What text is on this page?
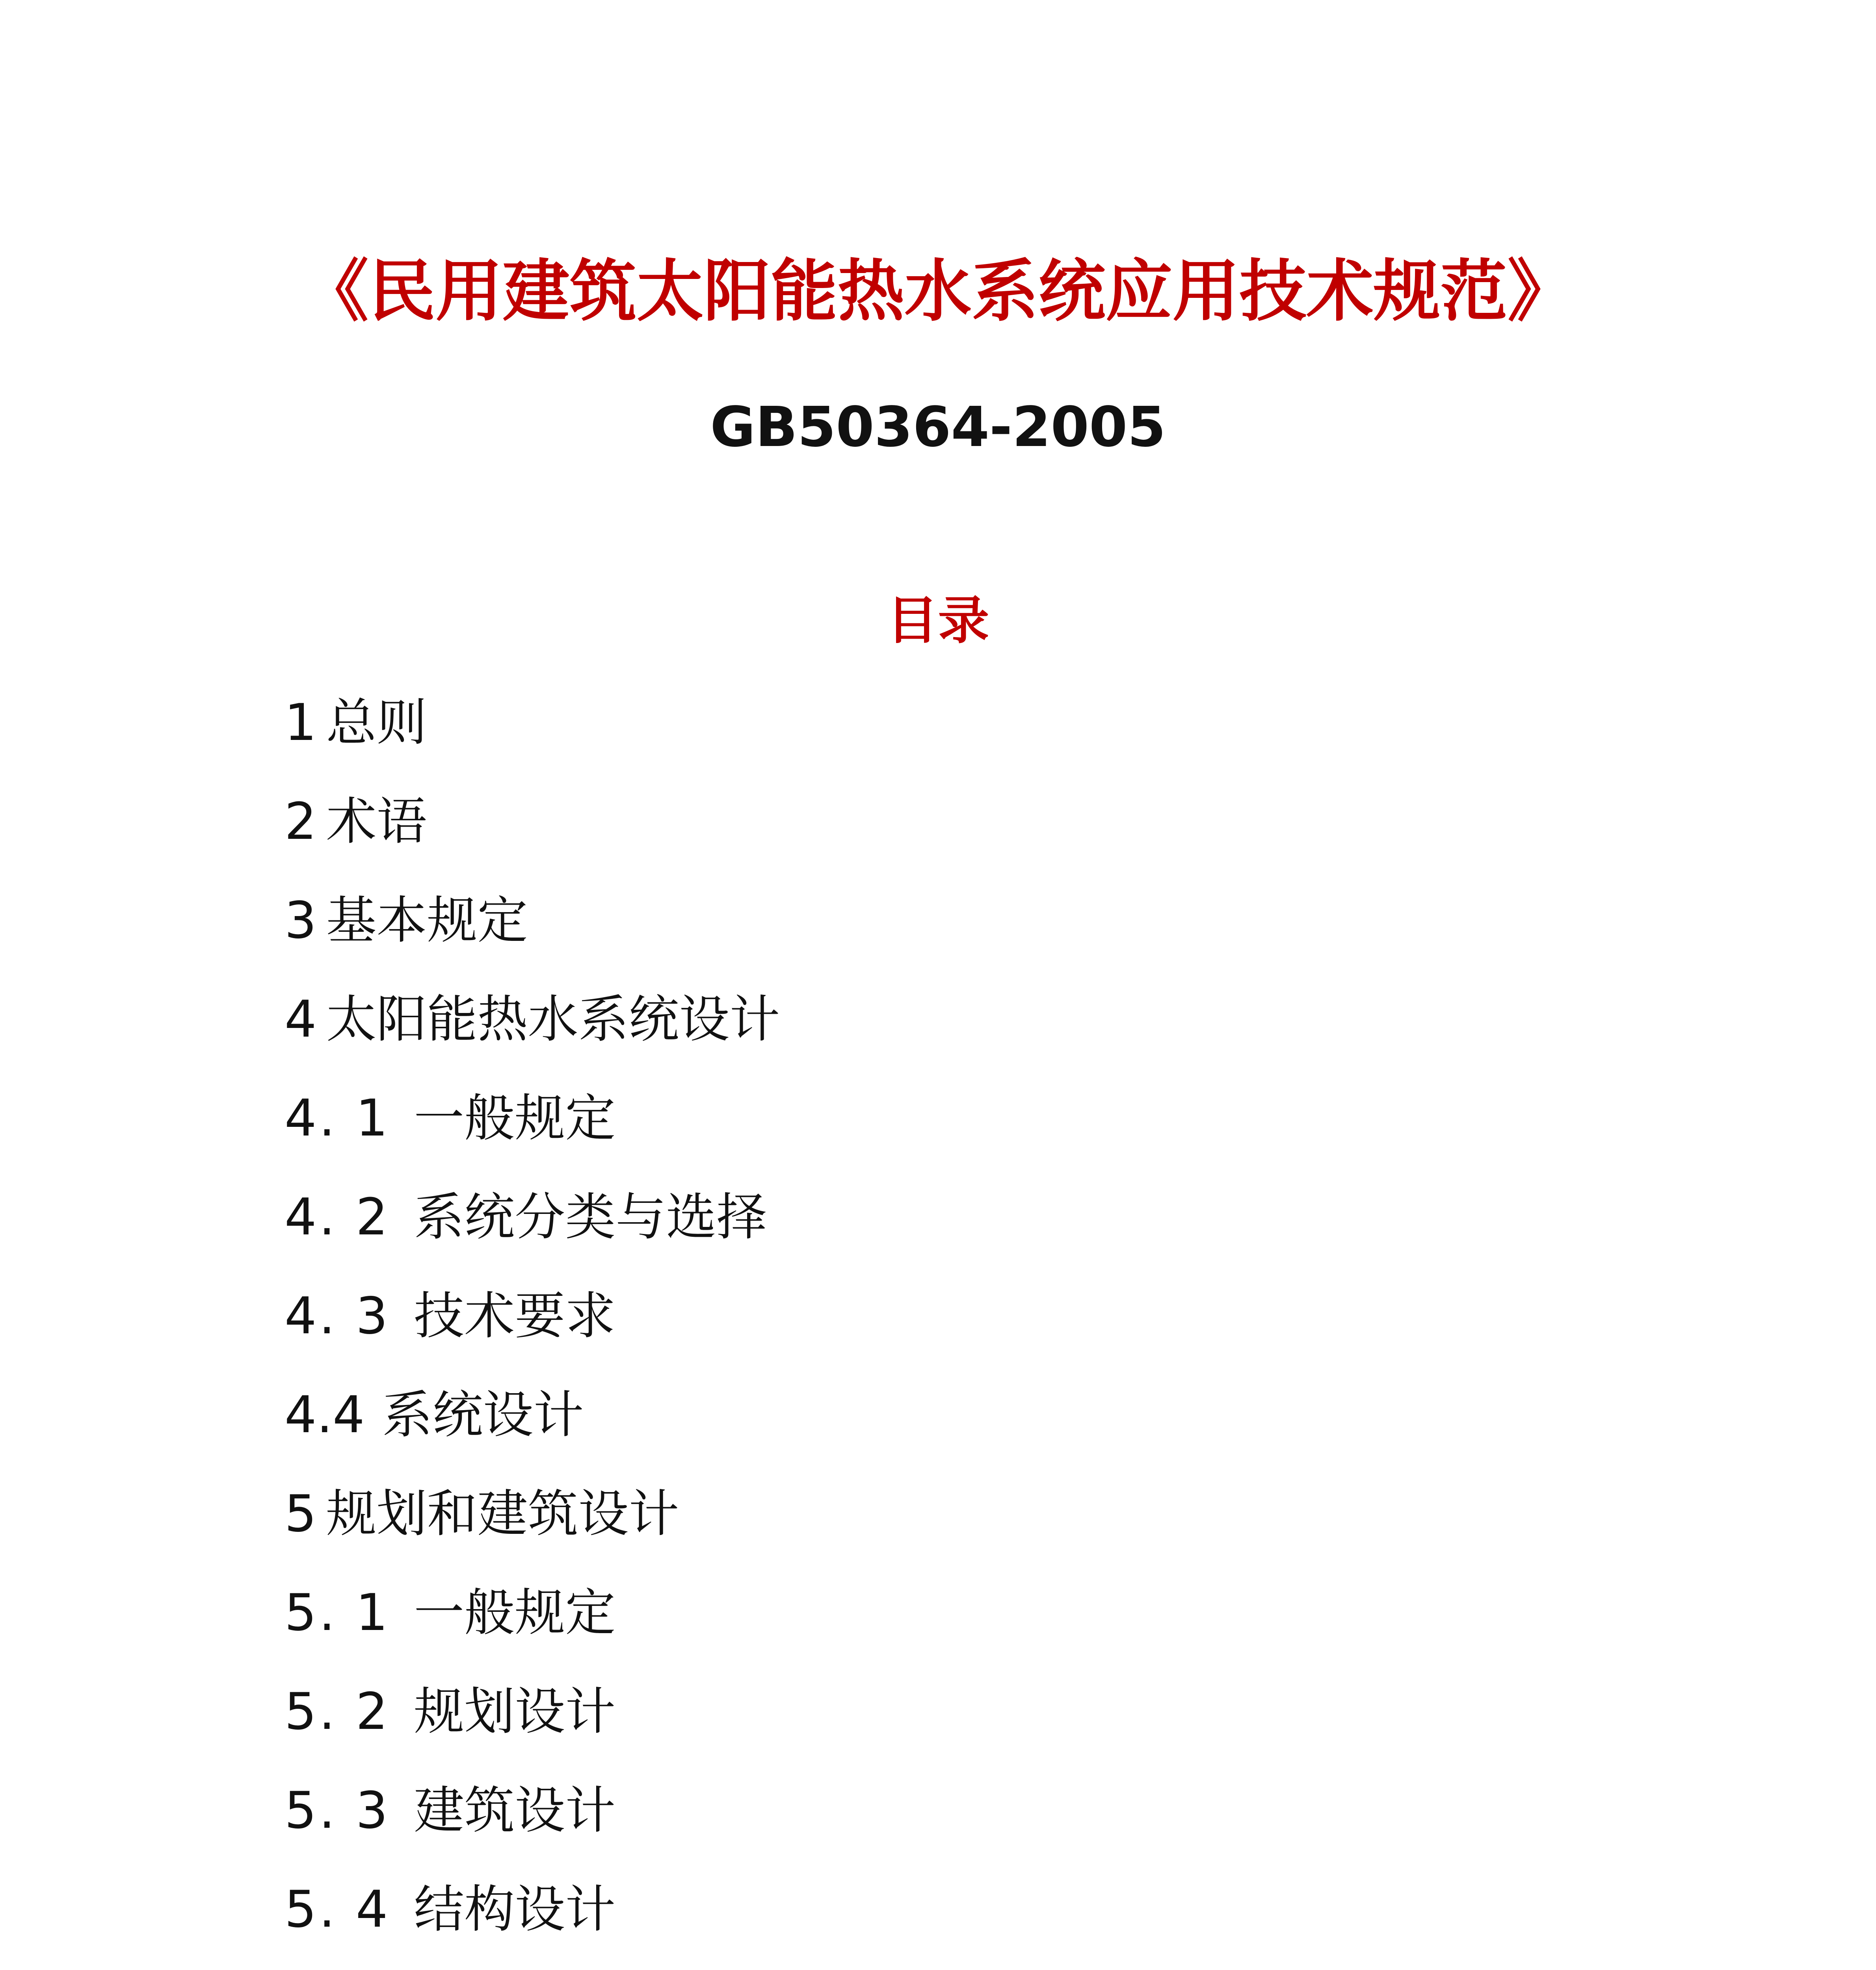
《民用建筑太阳能热水系统应用技术规范》
GB50364-2005
目录
1 总则
2 术语
3 基本规定
4 太阳能热水系统设计
4. 1 一般规定
4. 2 系统分类与选择
4. 3 技术要求
4.4 系统设计
5 规划和建筑设计
5. 1 一般规定
5. 2 规划设计
5. 3 建筑设计
5. 4 结构设计
